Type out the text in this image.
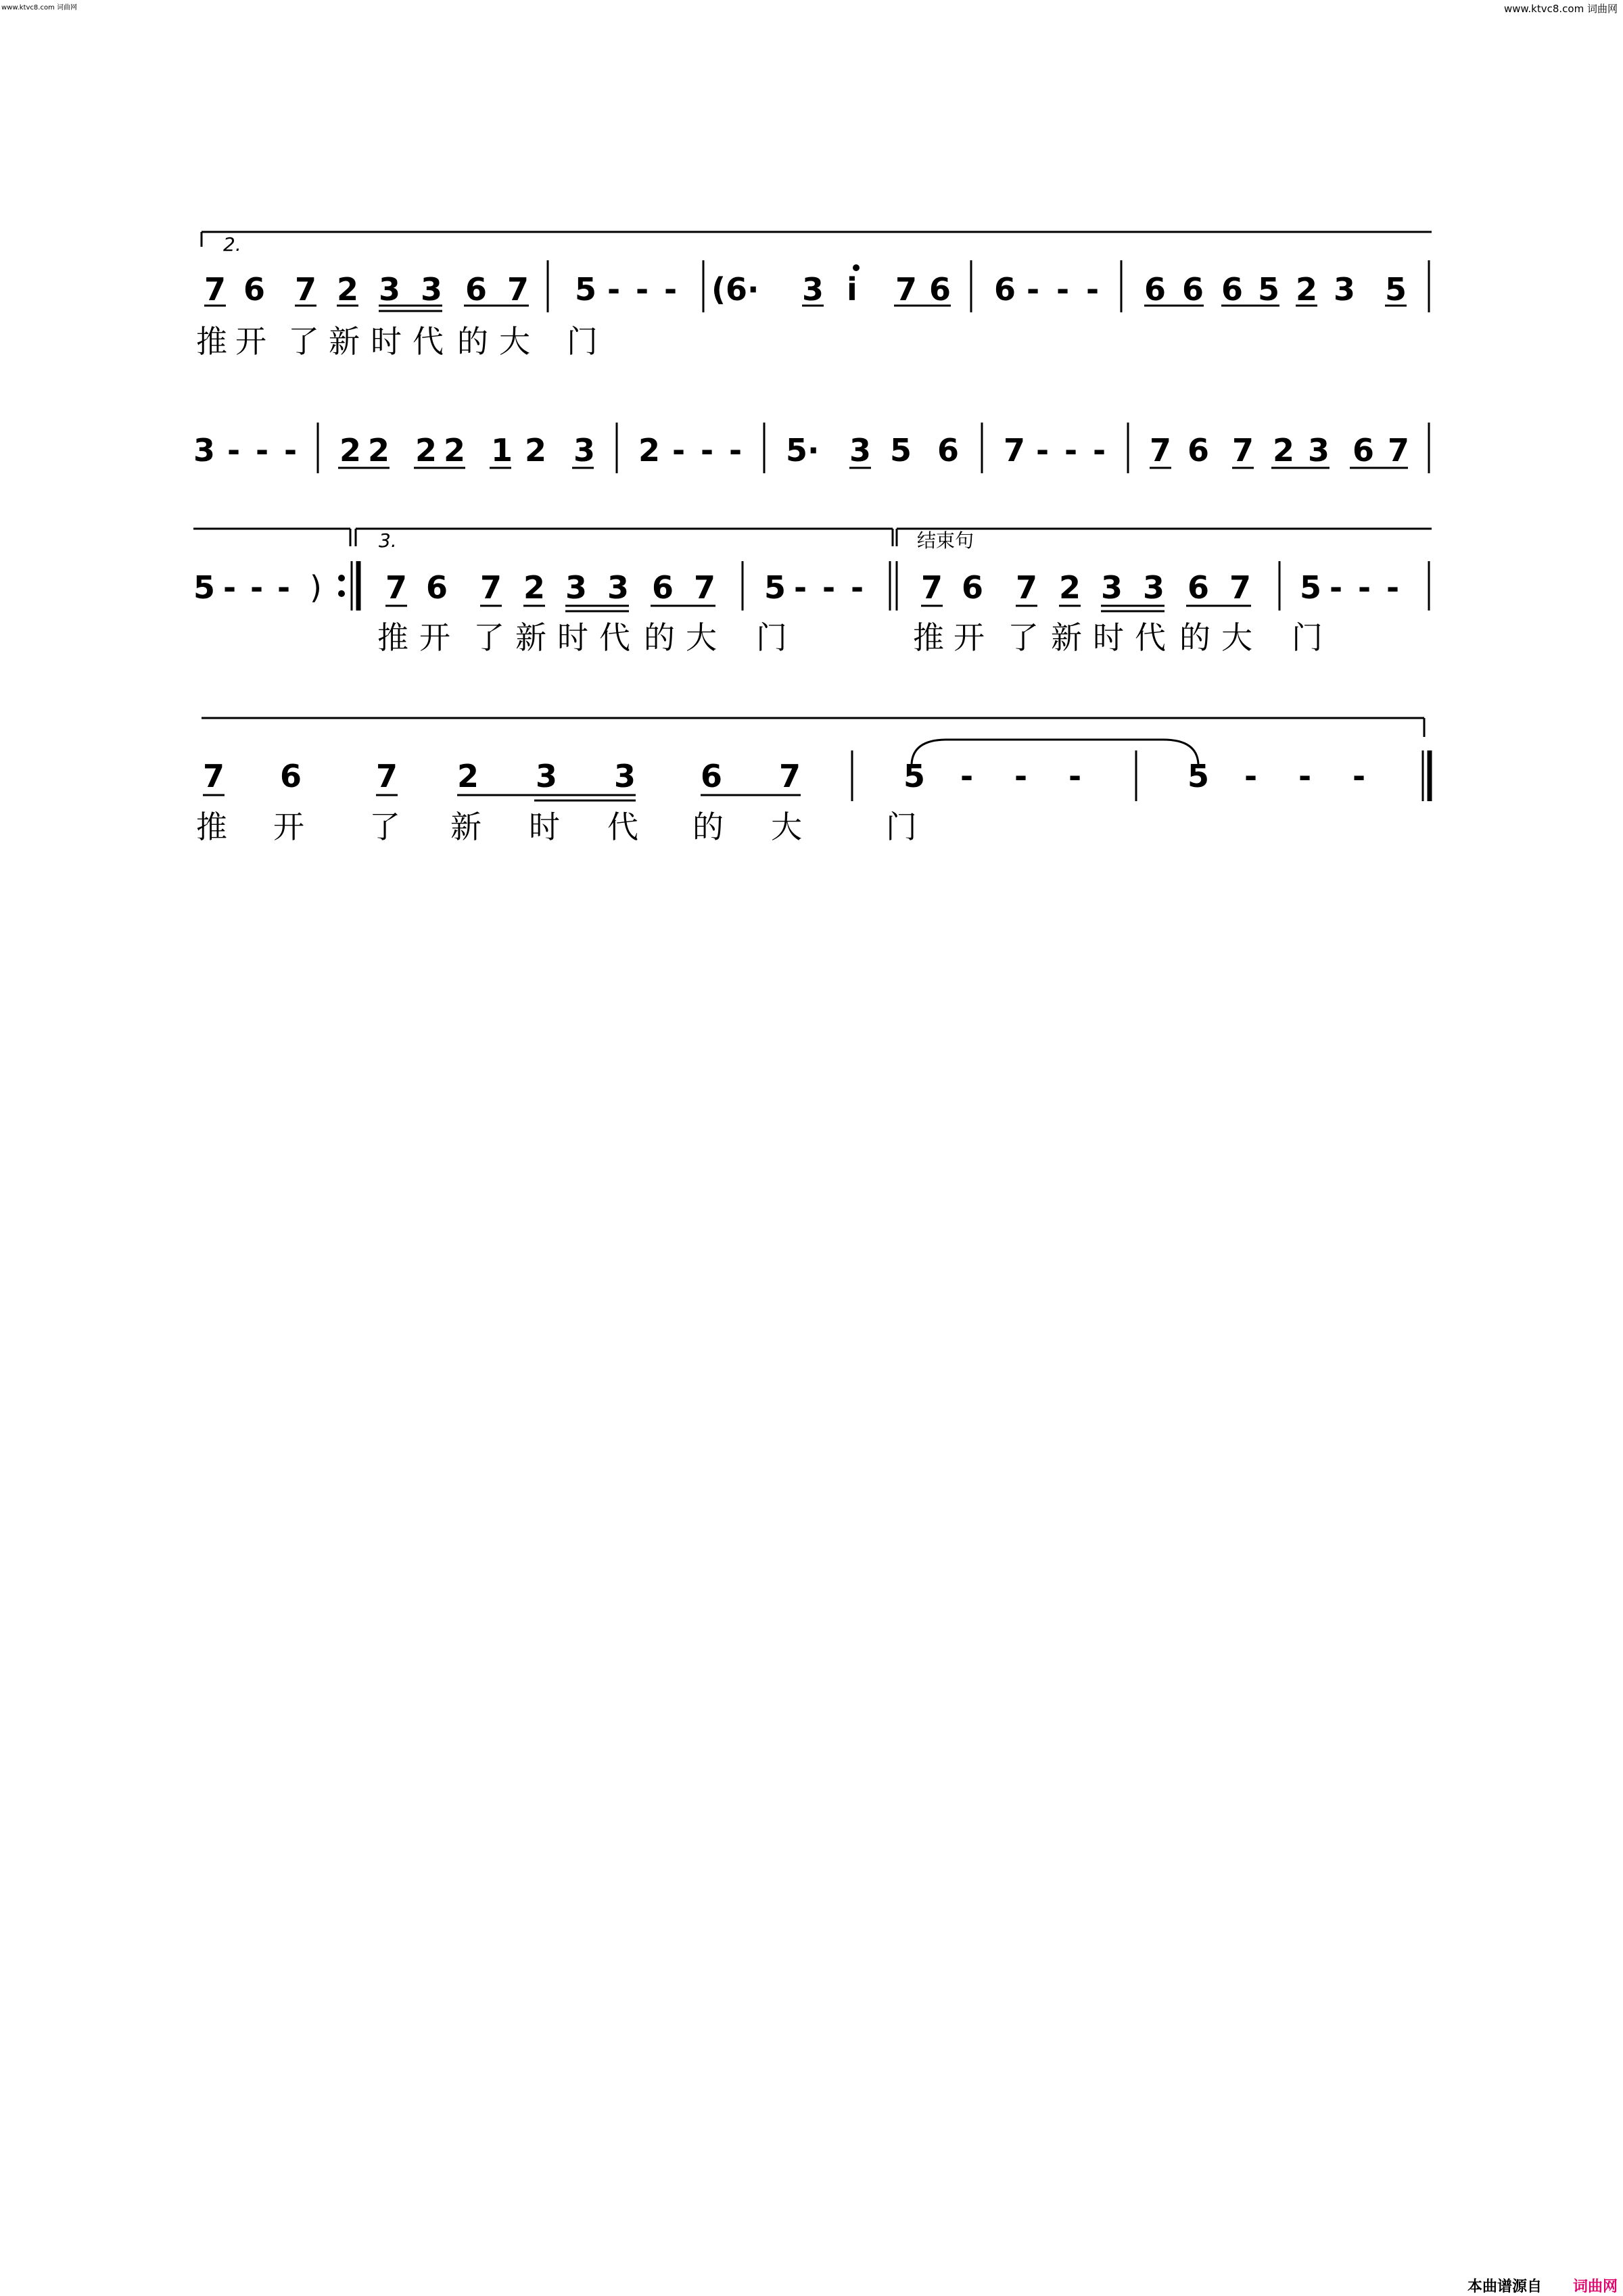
www.ktvc8.com 词曲网	www.ktvc8.com 词曲网
2.
3.	结束句
7 6 7 2 3 3 6 7 5 - - - (6· 3 i 7 6 6 - - - 6 6 6 5 2 3 5
推 开 了 新 时 代 的 大 门
3 - - - 2 2 2 2 1 2 3 2 - - - 5· 3 5 6 7 - - - 7 6 7 2 3 6 7
5 - - - ) 7 6 7 2 3 3 6 7 5 - - - 7 6 7 2 3 3 6 7 5 - - -
推 开 了 新 时 代 的 大 门	推 开 了 新 时 代 的 大 门
7 6 7 2 3 3 6 7	5 - - -	5 - - -
推 开 了 新 时 代 的 大	门
本曲谱源自 词曲网
